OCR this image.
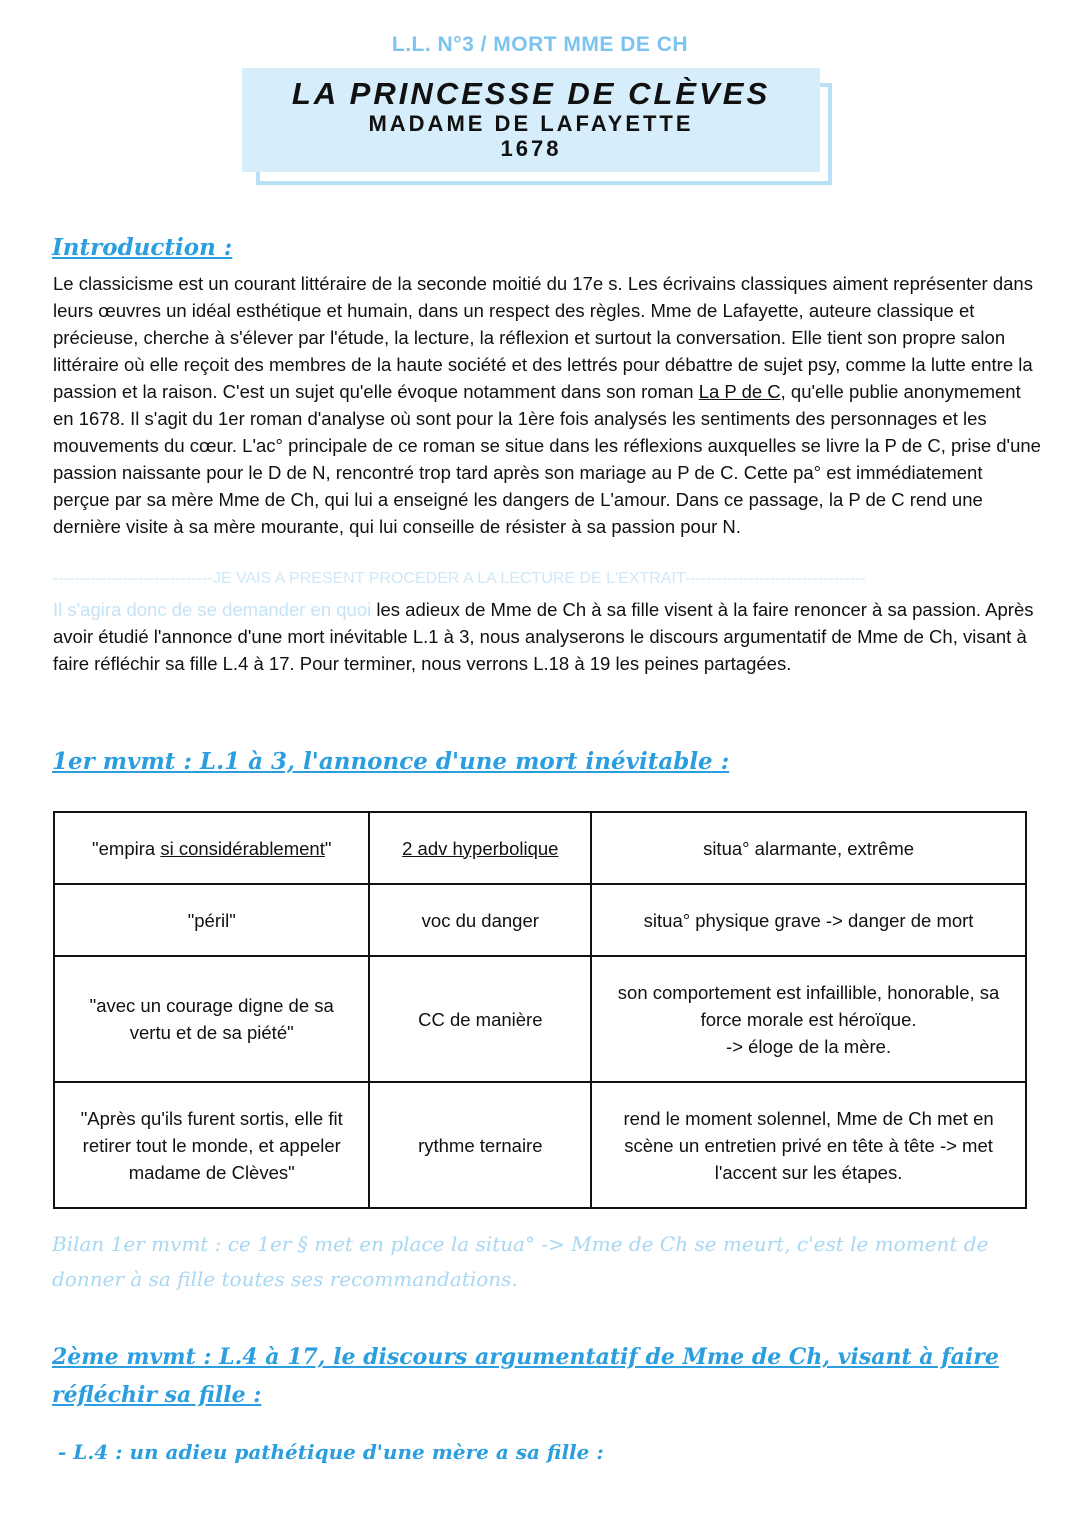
L.L. N°3 / MORT MME DE CH
LA PRINCESSE DE CLÈVES
MADAME DE LAFAYETTE
1678
Introduction :
Le classicisme est un courant littéraire de la seconde moitié du 17e s. Les écrivains classiques aiment représenter dans leurs œuvres un idéal esthétique et humain, dans un respect des règles. Mme de Lafayette, auteure classique et précieuse, cherche à s'élever par l'étude, la lecture, la réflexion et surtout la conversation. Elle tient son propre salon littéraire où elle reçoit des membres de la haute société et des lettrés pour débattre de sujet psy, comme la lutte entre la passion et la raison. C'est un sujet qu'elle évoque notamment dans son roman La P de C, qu'elle publie anonymement en 1678. Il s'agit du 1er roman d'analyse où sont pour la 1ère fois analysés les sentiments des personnages et les mouvements du cœur. L'ac° principale de ce roman se situe dans les réflexions auxquelles se livre la P de C, prise d'une passion naissante pour le D de N, rencontré trop tard après son mariage au P de C. Cette pa° est immédiatement perçue par sa mère Mme de Ch, qui lui a enseigné les dangers de L'amour. Dans ce passage, la P de C rend une dernière visite à sa mère mourante, qui lui conseille de résister à sa passion pour N.
------------------------------JE VAIS A PRESENT PROCEDER A LA LECTURE DE L'EXTRAIT----------------------------------
Il s'agira donc de se demander en quoi les adieux de Mme de Ch à sa fille visent à la faire renoncer à sa passion. Après avoir étudié l'annonce d'une mort inévitable L.1 à 3, nous analyserons le discours argumentatif de Mme de Ch, visant à faire réfléchir sa fille L.4 à 17. Pour terminer, nous verrons L.18 à 19 les peines partagées.
1er mvmt : L.1 à 3, l'annonce d'une mort inévitable :
"empira si considérablement"	2 adv hyperbolique	situa° alarmante, extrême
"péril"	voc du danger	situa° physique grave -> danger de mort
"avec un courage digne de sa vertu et de sa piété"	CC de manière	son comportement est infaillible, honorable, sa force morale est héroïque.
-> éloge de la mère.

"Après qu'ils furent sortis, elle fit retirer tout le monde, et appeler madame de Clèves"	rythme ternaire	rend le moment solennel, Mme de Ch met en scène un entretien privé en tête à tête -> met l'accent sur les étapes.
Bilan 1er mvmt : ce 1er § met en place la situa° -> Mme de Ch se meurt, c'est le moment de donner à sa fille toutes ses recommandations.
2ème mvmt : L.4 à 17, le discours argumentatif de Mme de Ch, visant à faire réfléchir sa fille :
- L.4 : un adieu pathétique d'une mère a sa fille :
